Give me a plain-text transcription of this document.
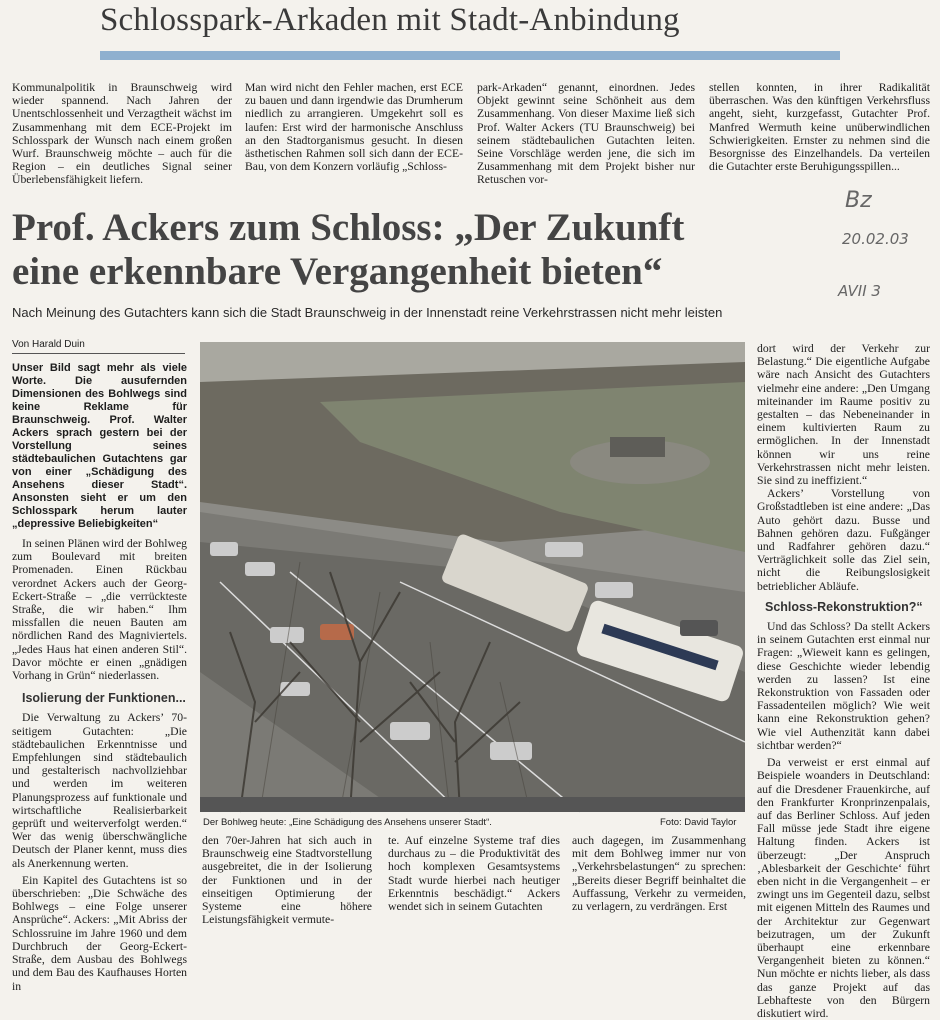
Schlosspark-Arkaden mit Stadt-Anbindung
Kommunalpolitik in Braunschweig wird wieder spannend. Nach Jahren der Unentschlossenheit und Verzagtheit wächst im Zusammenhang mit dem ECE-Projekt im Schlosspark der Wunsch nach einem großen Wurf. Braunschweig möchte – auch für die Region – ein deutliches Signal seiner Überlebensfähigkeit liefern.
Man wird nicht den Fehler machen, erst ECE zu bauen und dann irgendwie das Drumherum niedlich zu arrangieren. Umgekehrt soll es laufen: Erst wird der harmonische Anschluss an den Stadtorganismus gesucht. In diesen ästhetischen Rahmen soll sich dann der ECE-Bau, von dem Konzern vorläufig „Schloss-
park-Arkaden“ genannt, einordnen. Jedes Objekt gewinnt seine Schönheit aus dem Zusammenhang. Von dieser Maxime ließ sich Prof. Walter Ackers (TU Braunschweig) bei seinem städtebaulichen Gutachten leiten. Seine Vorschläge werden jene, die sich im Zusammenhang mit dem Projekt bisher nur Retuschen vor-
stellen konnten, in ihrer Radikalität überraschen. Was den künftigen Verkehrsfluss angeht, sieht, kurzgefasst, Gutachter Prof. Manfred Wermuth keine unüberwindlichen Schwierigkeiten. Ernster zu nehmen sind die Besorgnisse des Einzelhandels. Da verteilen die Gutachter erste Beruhigungsspillen...
Bz
20.02.03
AVII 3
Prof. Ackers zum Schloss: „Der Zukunft
eine erkennbare Vergangenheit bieten“
Nach Meinung des Gutachters kann sich die Stadt Braunschweig in der Innenstadt reine Verkehrstrassen nicht mehr leisten
Von Harald Duin

Unser Bild sagt mehr als viele Worte. Die ausufernden Dimensionen des Bohlwegs sind keine Reklame für Braunschweig. Prof. Walter Ackers sprach gestern bei der Vorstellung seines städtebaulichen Gutachtens gar von einer „Schädigung des Ansehens dieser Stadt“. Ansonsten sieht er um den Schlosspark herum lauter „depressive Beliebigkeiten“

In seinen Plänen wird der Bohlweg zum Boulevard mit breiten Promenaden. Einen Rückbau verordnet Ackers auch der Georg-Eckert-Straße – „die verrückteste Straße, die wir haben.“ Ihm missfallen die neuen Bauten am nördlichen Rand des Magniviertels. „Jedes Haus hat einen anderen Stil“. Davor möchte er einen „gnädigen Vorhang in Grün“ niederlassen.

Isolierung der Funktionen...

Die Verwaltung zu Ackers’ 70-seitigem Gutachten: „Die städtebaulichen Erkenntnisse und Empfehlungen sind städtebaulich und gestalterisch nachvollziehbar und werden im weiteren Planungsprozess auf funktionale und wirtschaftliche Realisierbarkeit geprüft und weiterverfolgt werden.“ Wer das wenig überschwängliche Deutsch der Planer kennt, muss dies als Anerkennung werten.

Ein Kapitel des Gutachtens ist so überschrieben: „Die Schwäche des Bohlwegs – eine Folge unserer Ansprüche“. Ackers: „Mit Abriss der Schlossruine im Jahre 1960 und dem Durchbruch der Georg-Eckert-Straße, dem Ausbau des Bohlwegs und dem Bau des Kaufhauses Horten in

Der Bohlweg heute: „Eine Schädigung des Ansehens unserer Stadt“.	Foto: David Taylor
den 70er-Jahren hat sich auch in Braunschweig eine Stadtvorstellung ausgebreitet, die in der Isolierung der Funktionen und in der einseitigen Optimierung der Systeme eine höhere Leistungsfähigkeit vermute-
te. Auf einzelne Systeme traf dies durchaus zu – die Produktivität des hoch komplexen Gesamtsystems Stadt wurde hierbei nach heutiger Erkenntnis beschädigt.“ Ackers wendet sich in seinem Gutachten
auch dagegen, im Zusammenhang mit dem Bohlweg immer nur von „Verkehrsbelastungen“ zu sprechen: „Bereits dieser Begriff beinhaltet die Auffassung, Verkehr zu vermeiden, zu verlagern, zu verdrängen. Erst

dort wird der Verkehr zur Belastung.“ Die eigentliche Aufgabe wäre nach Ansicht des Gutachters vielmehr eine andere: „Den Umgang miteinander im Raume positiv zu gestalten – das Nebeneinander in einem kultivierten Raum zu ermöglichen. In der Innenstadt können wir uns reine Verkehrstrassen nicht mehr leisten. Sie sind zu ineffizient.“

Ackers’ Vorstellung von Großstadtleben ist eine andere: „Das Auto gehört dazu. Busse und Bahnen gehören dazu. Fußgänger und Radfahrer gehören dazu.“ Verträglichkeit solle das Ziel sein, nicht die Reibungslosigkeit betrieblicher Abläufe.

Schloss-Rekonstruktion?“

Und das Schloss? Da stellt Ackers in seinem Gutachten erst einmal nur Fragen: „Wieweit kann es gelingen, diese Geschichte wieder lebendig werden zu lassen? Ist eine Rekonstruktion von Fassaden oder Fassadenteilen möglich? Wie weit kann eine Rekonstruktion gehen? Wie viel Authenzität kann dabei sichtbar werden?“

Da verweist er erst einmal auf Beispiele woanders in Deutschland: auf die Dresdener Frauenkirche, auf den Frankfurter Kronprinzenpalais, auf das Berliner Schloss. Auf jeden Fall müsse jede Stadt ihre eigene Haltung finden. Ackers ist überzeugt: „Der Anspruch ‚Ablesbarkeit der Geschichte‘ führt eben nicht in die Vergangenheit – er zwingt uns im Gegenteil dazu, selbst mit eigenen Mitteln des Raumes und der Architektur zur Gegenwart beizutragen, um der Zukunft überhaupt eine erkennbare Vergangenheit bieten zu können.“ Nun möchte er nichts lieber, als dass das ganze Projekt auf das Lebhafteste von den Bürgern diskutiert wird.
